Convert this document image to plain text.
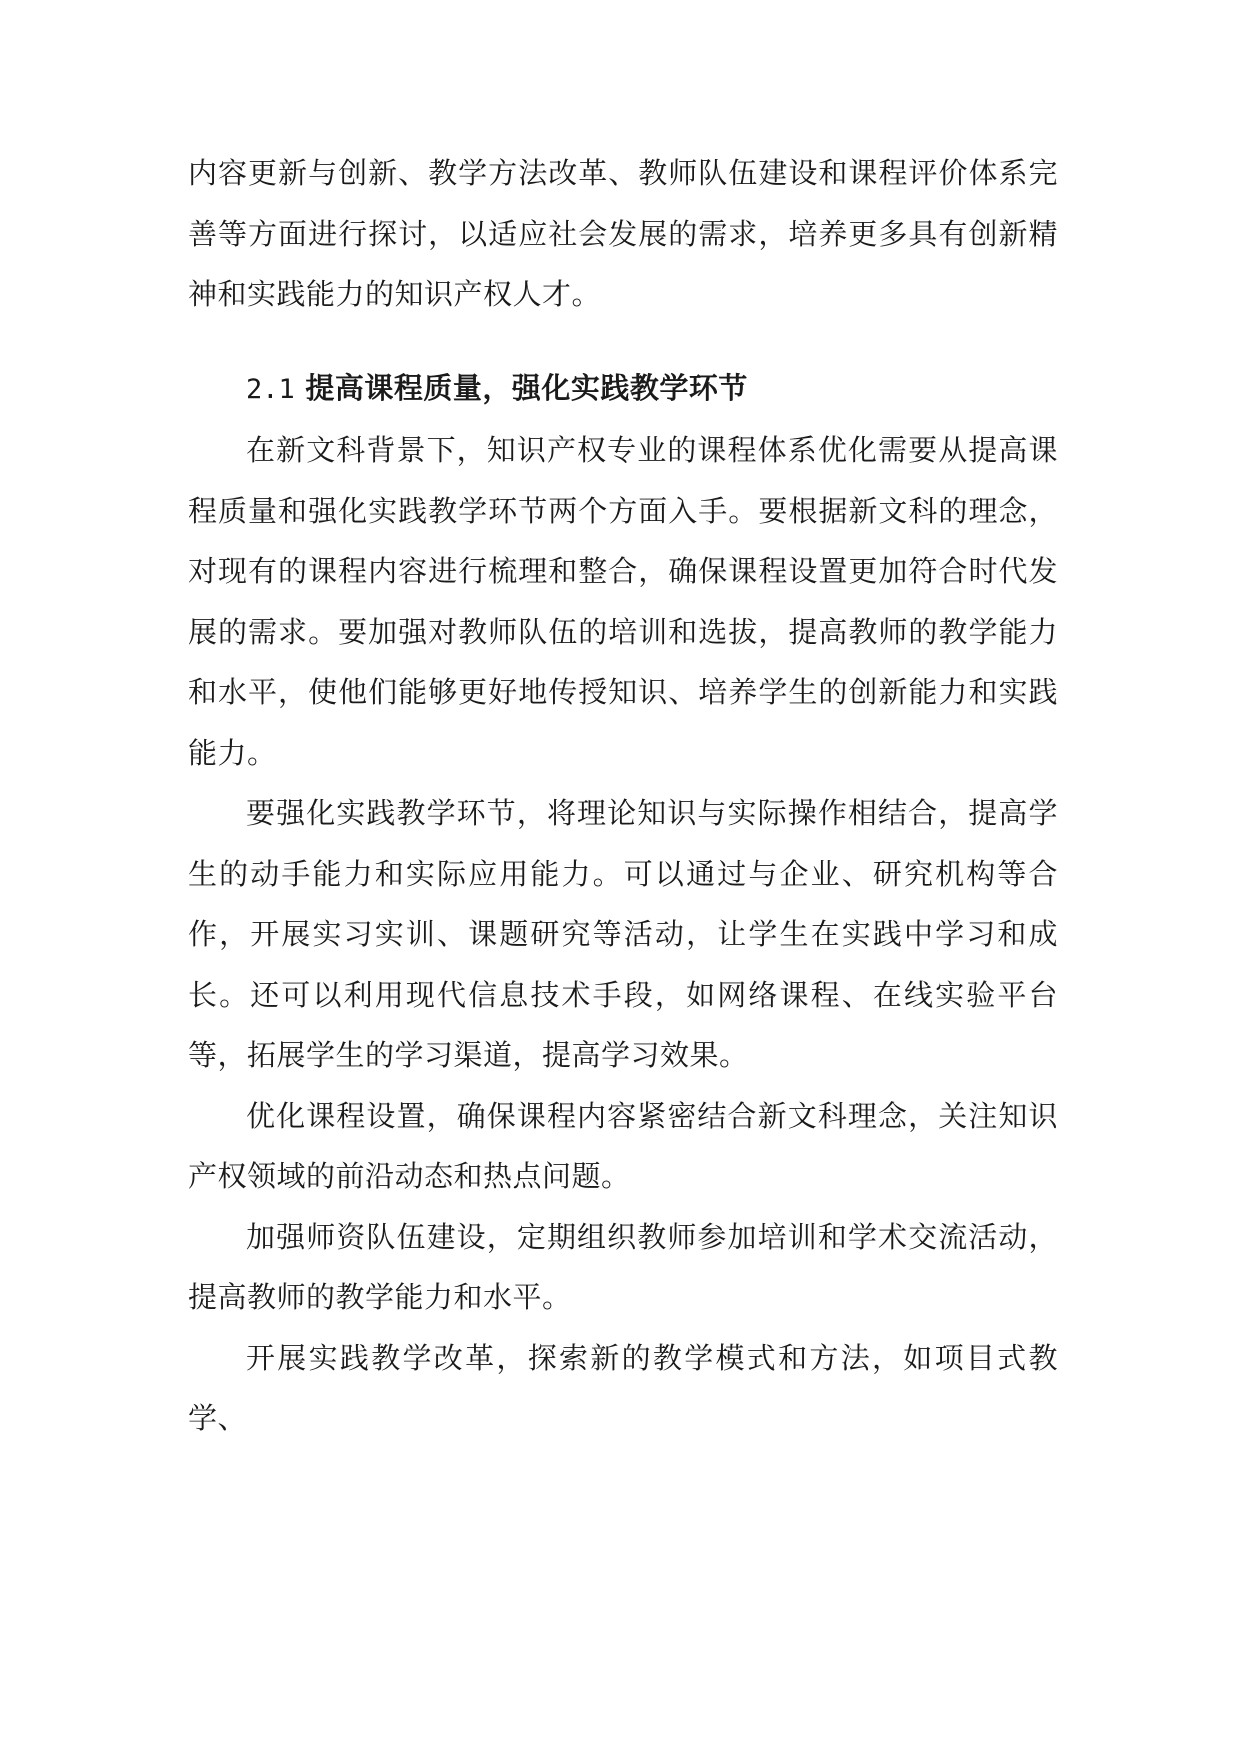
内容更新与创新、教学方法改革、教师队伍建设和课程评价体系完善等方面进行探讨，以适应社会发展的需求，培养更多具有创新精神和实践能力的知识产权人才。

2.1 提高课程质量，强化实践教学环节

在新文科背景下，知识产权专业的课程体系优化需要从提高课程质量和强化实践教学环节两个方面入手。要根据新文科的理念，对现有的课程内容进行梳理和整合，确保课程设置更加符合时代发展的需求。要加强对教师队伍的培训和选拔，提高教师的教学能力和水平，使他们能够更好地传授知识、培养学生的创新能力和实践能力。

要强化实践教学环节，将理论知识与实际操作相结合，提高学生的动手能力和实际应用能力。可以通过与企业、研究机构等合作，开展实习实训、课题研究等活动，让学生在实践中学习和成长。还可以利用现代信息技术手段，如网络课程、在线实验平台等，拓展学生的学习渠道，提高学习效果。

优化课程设置，确保课程内容紧密结合新文科理念，关注知识产权领域的前沿动态和热点问题。

加强师资队伍建设，定期组织教师参加培训和学术交流活动，提高教师的教学能力和水平。

开展实践教学改革，探索新的教学模式和方法，如项目式教学、
